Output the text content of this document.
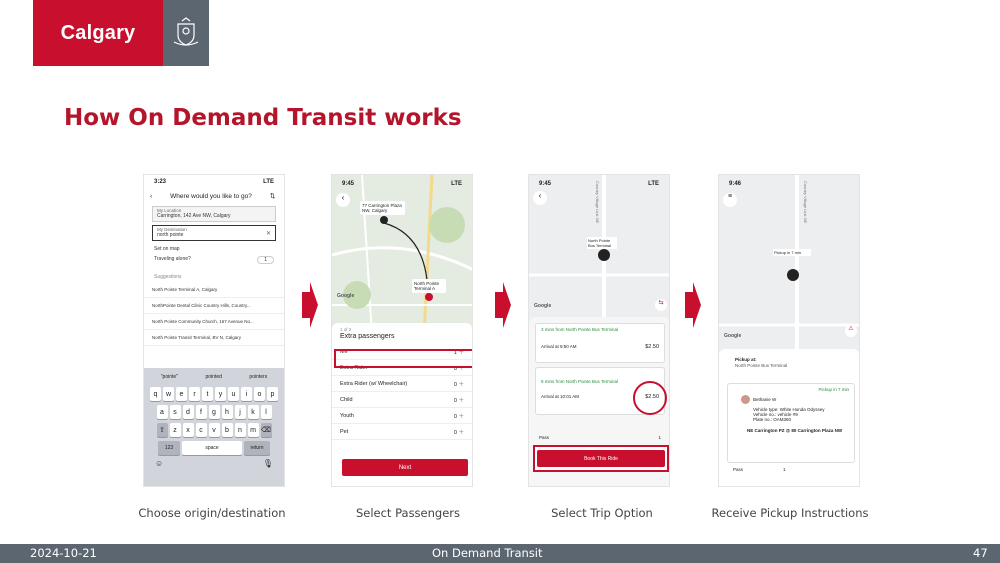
Calgary
How On Demand Transit works
3:23	LTE
‹	Where would you like to go?	⇅
My Location
Carrington, 142 Ave NW, Calgary
My Destination
north pointe	✕
Set on map
Traveling alone?	1
Suggestions
North Pointe Terminal A, Calgary
NorthPointe Dental Clinic Country Hills, Country...
North Pointe Community Church, 167 Avenue No...
North Pointe Transit Terminal, BV N, Calgary
"pointe"	pointed	pointers
q	w	e	r	t	y	u	i	o	p
a	s	d	f	g	h	j	k	l
⇧	z	x	c	v	b	n	m ⌫
123	space	return
☺	🎙
‹
77 Carrington Plaza NW, Calgary
North Pointe Terminal A
Google
9:45	LTE
1 of 2
Extra passengers
Me	1 ＋
Extra Rider	0 ＋
Extra Rider (w/ Wheelchair)	0 ＋
Child	0 ＋
Youth	0 ＋
Pet	0 ＋
Next
Country Village Link NE
North Pointe Bus Terminal
‹
Google	⇆
9:45	LTE
3 mins from North Pointe Bus Terminal
Arrival at 9:50 AM	$2.50
8 mins from North Pointe Bus Terminal
Arrival at 10:01 AM	$2.50
Pass	1
Book This Ride
9:46
≡	Country Village Link NE
Pickup in 7 min
Google
⚠
Pickup at:
North Pointe Bus Terminal
Pickup in 7 min
Bethanie W
Vehicle type: White Honda Odyssey
Vehicle no.: vehicle #9
Plate no.: OAM360
NE Carrington PZ @ 80 Carrington Plaza NW
Pass	1
Choose origin/destination	Select Passengers	Select Trip Option	Receive Pickup Instructions
2024-10-21	On Demand Transit	47
